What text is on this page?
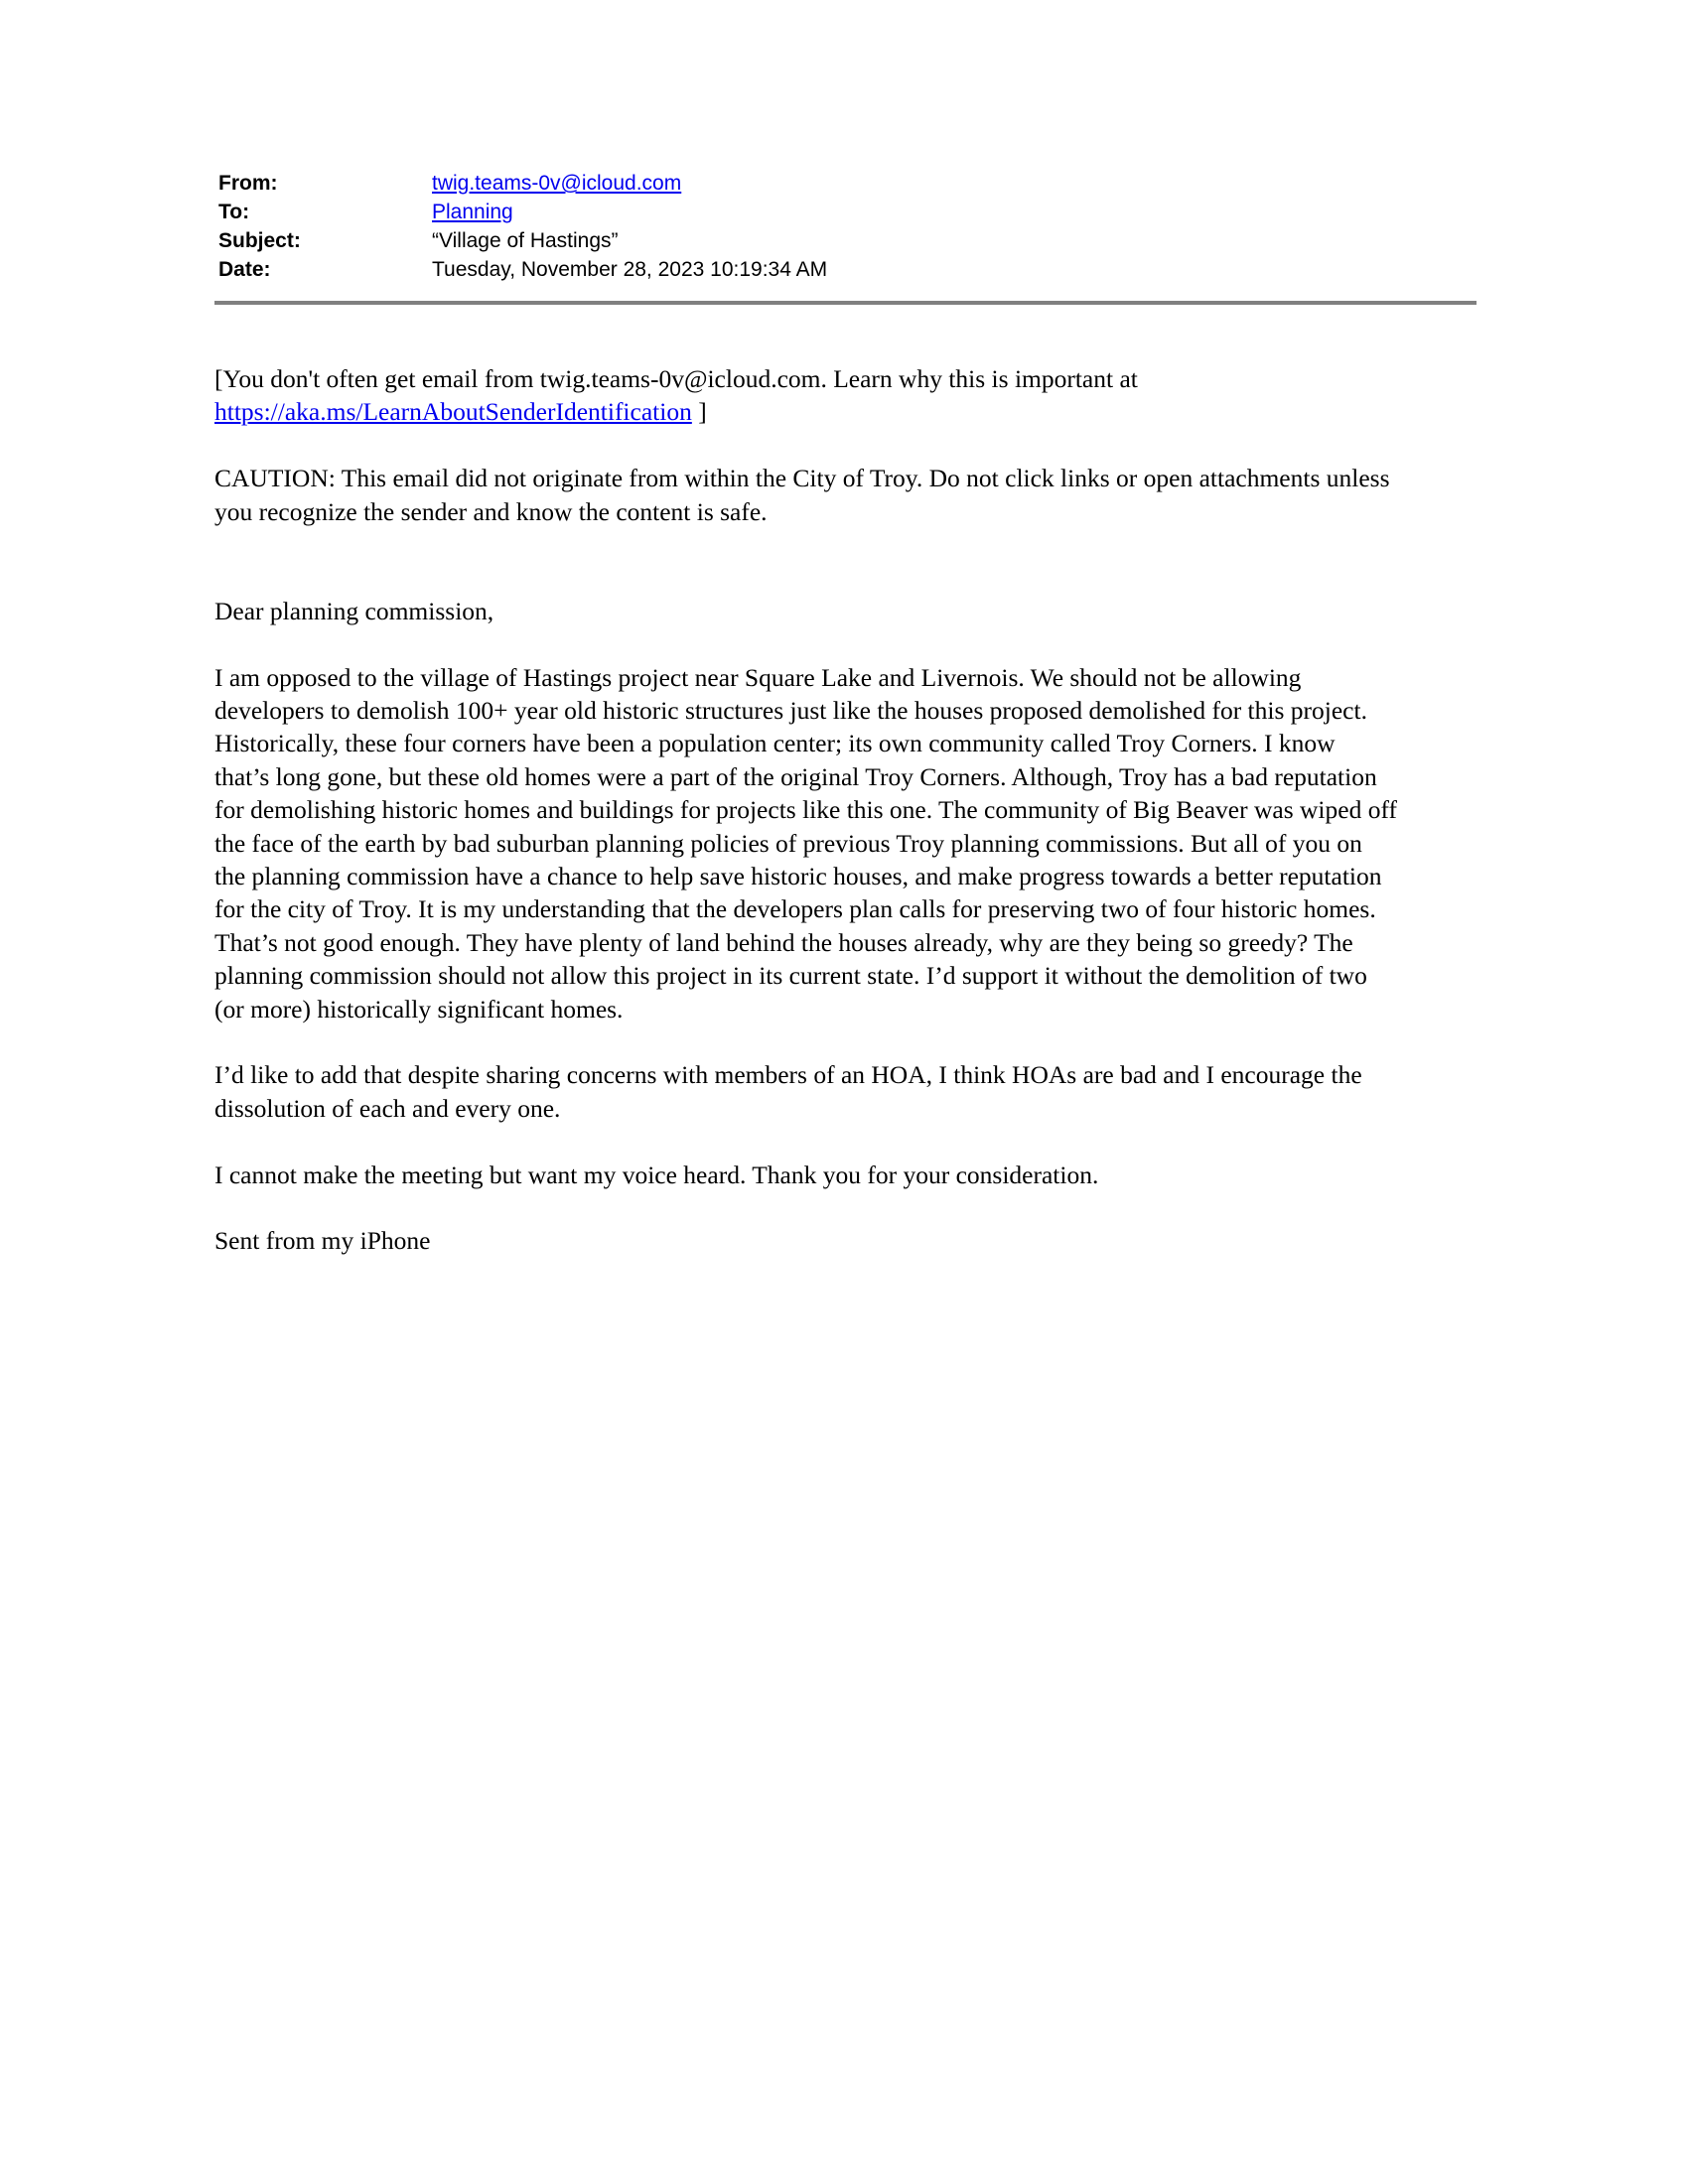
From:	twig.teams-0v@icloud.com
To:	Planning
Subject:	“Village of Hastings”
Date:	Tuesday, November 28, 2023 10:19:34 AM

[You don't often get email from twig.teams-0v@icloud.com. Learn why this is important at
https://aka.ms/LearnAboutSenderIdentification ]

CAUTION: This email did not originate from within the City of Troy. Do not click links or open attachments unless
you recognize the sender and know the content is safe.

Dear planning commission,

I am opposed to the village of Hastings project near Square Lake and Livernois. We should not be allowing
developers to demolish 100+ year old historic structures just like the houses proposed demolished for this project.
Historically, these four corners have been a population center; its own community called Troy Corners. I know
that’s long gone, but these old homes were a part of the original Troy Corners. Although, Troy has a bad reputation
for demolishing historic homes and buildings for projects like this one. The community of Big Beaver was wiped off
the face of the earth by bad suburban planning policies of previous Troy planning commissions. But all of you on
the planning commission have a chance to help save historic houses, and make progress towards a better reputation
for the city of Troy. It is my understanding that the developers plan calls for preserving two of four historic homes.
That’s not good enough. They have plenty of land behind the houses already, why are they being so greedy? The
planning commission should not allow this project in its current state. I’d support it without the demolition of two
(or more) historically significant homes.

I’d like to add that despite sharing concerns with members of an HOA, I think HOAs are bad and I encourage the
dissolution of each and every one.

I cannot make the meeting but want my voice heard. Thank you for your consideration.

Sent from my iPhone
